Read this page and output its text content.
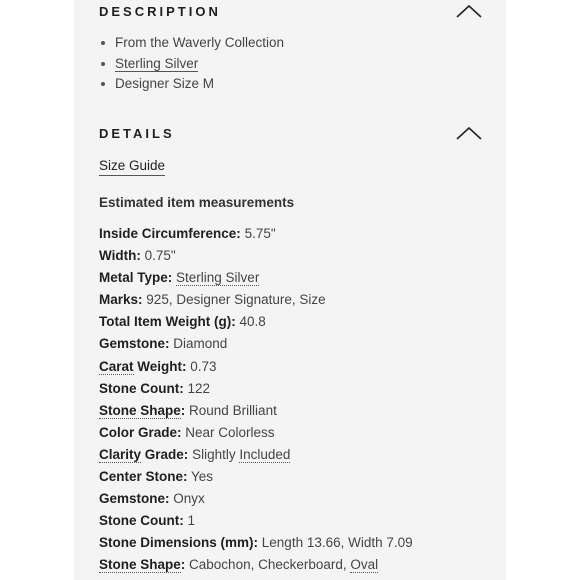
DESCRIPTION
From the Waverly Collection
Sterling Silver
Designer Size M
DETAILS
Size Guide
Estimated item measurements
Inside Circumference: 5.75"
Width: 0.75"
Metal Type: Sterling Silver
Marks: 925, Designer Signature, Size
Total Item Weight (g): 40.8
Gemstone: Diamond
Carat Weight: 0.73
Stone Count: 122
Stone Shape: Round Brilliant
Color Grade: Near Colorless
Clarity Grade: Slightly Included
Center Stone: Yes
Gemstone: Onyx
Stone Count: 1
Stone Dimensions (mm): Length 13.66, Width 7.09
Stone Shape: Cabochon, Checkerboard, Oval
